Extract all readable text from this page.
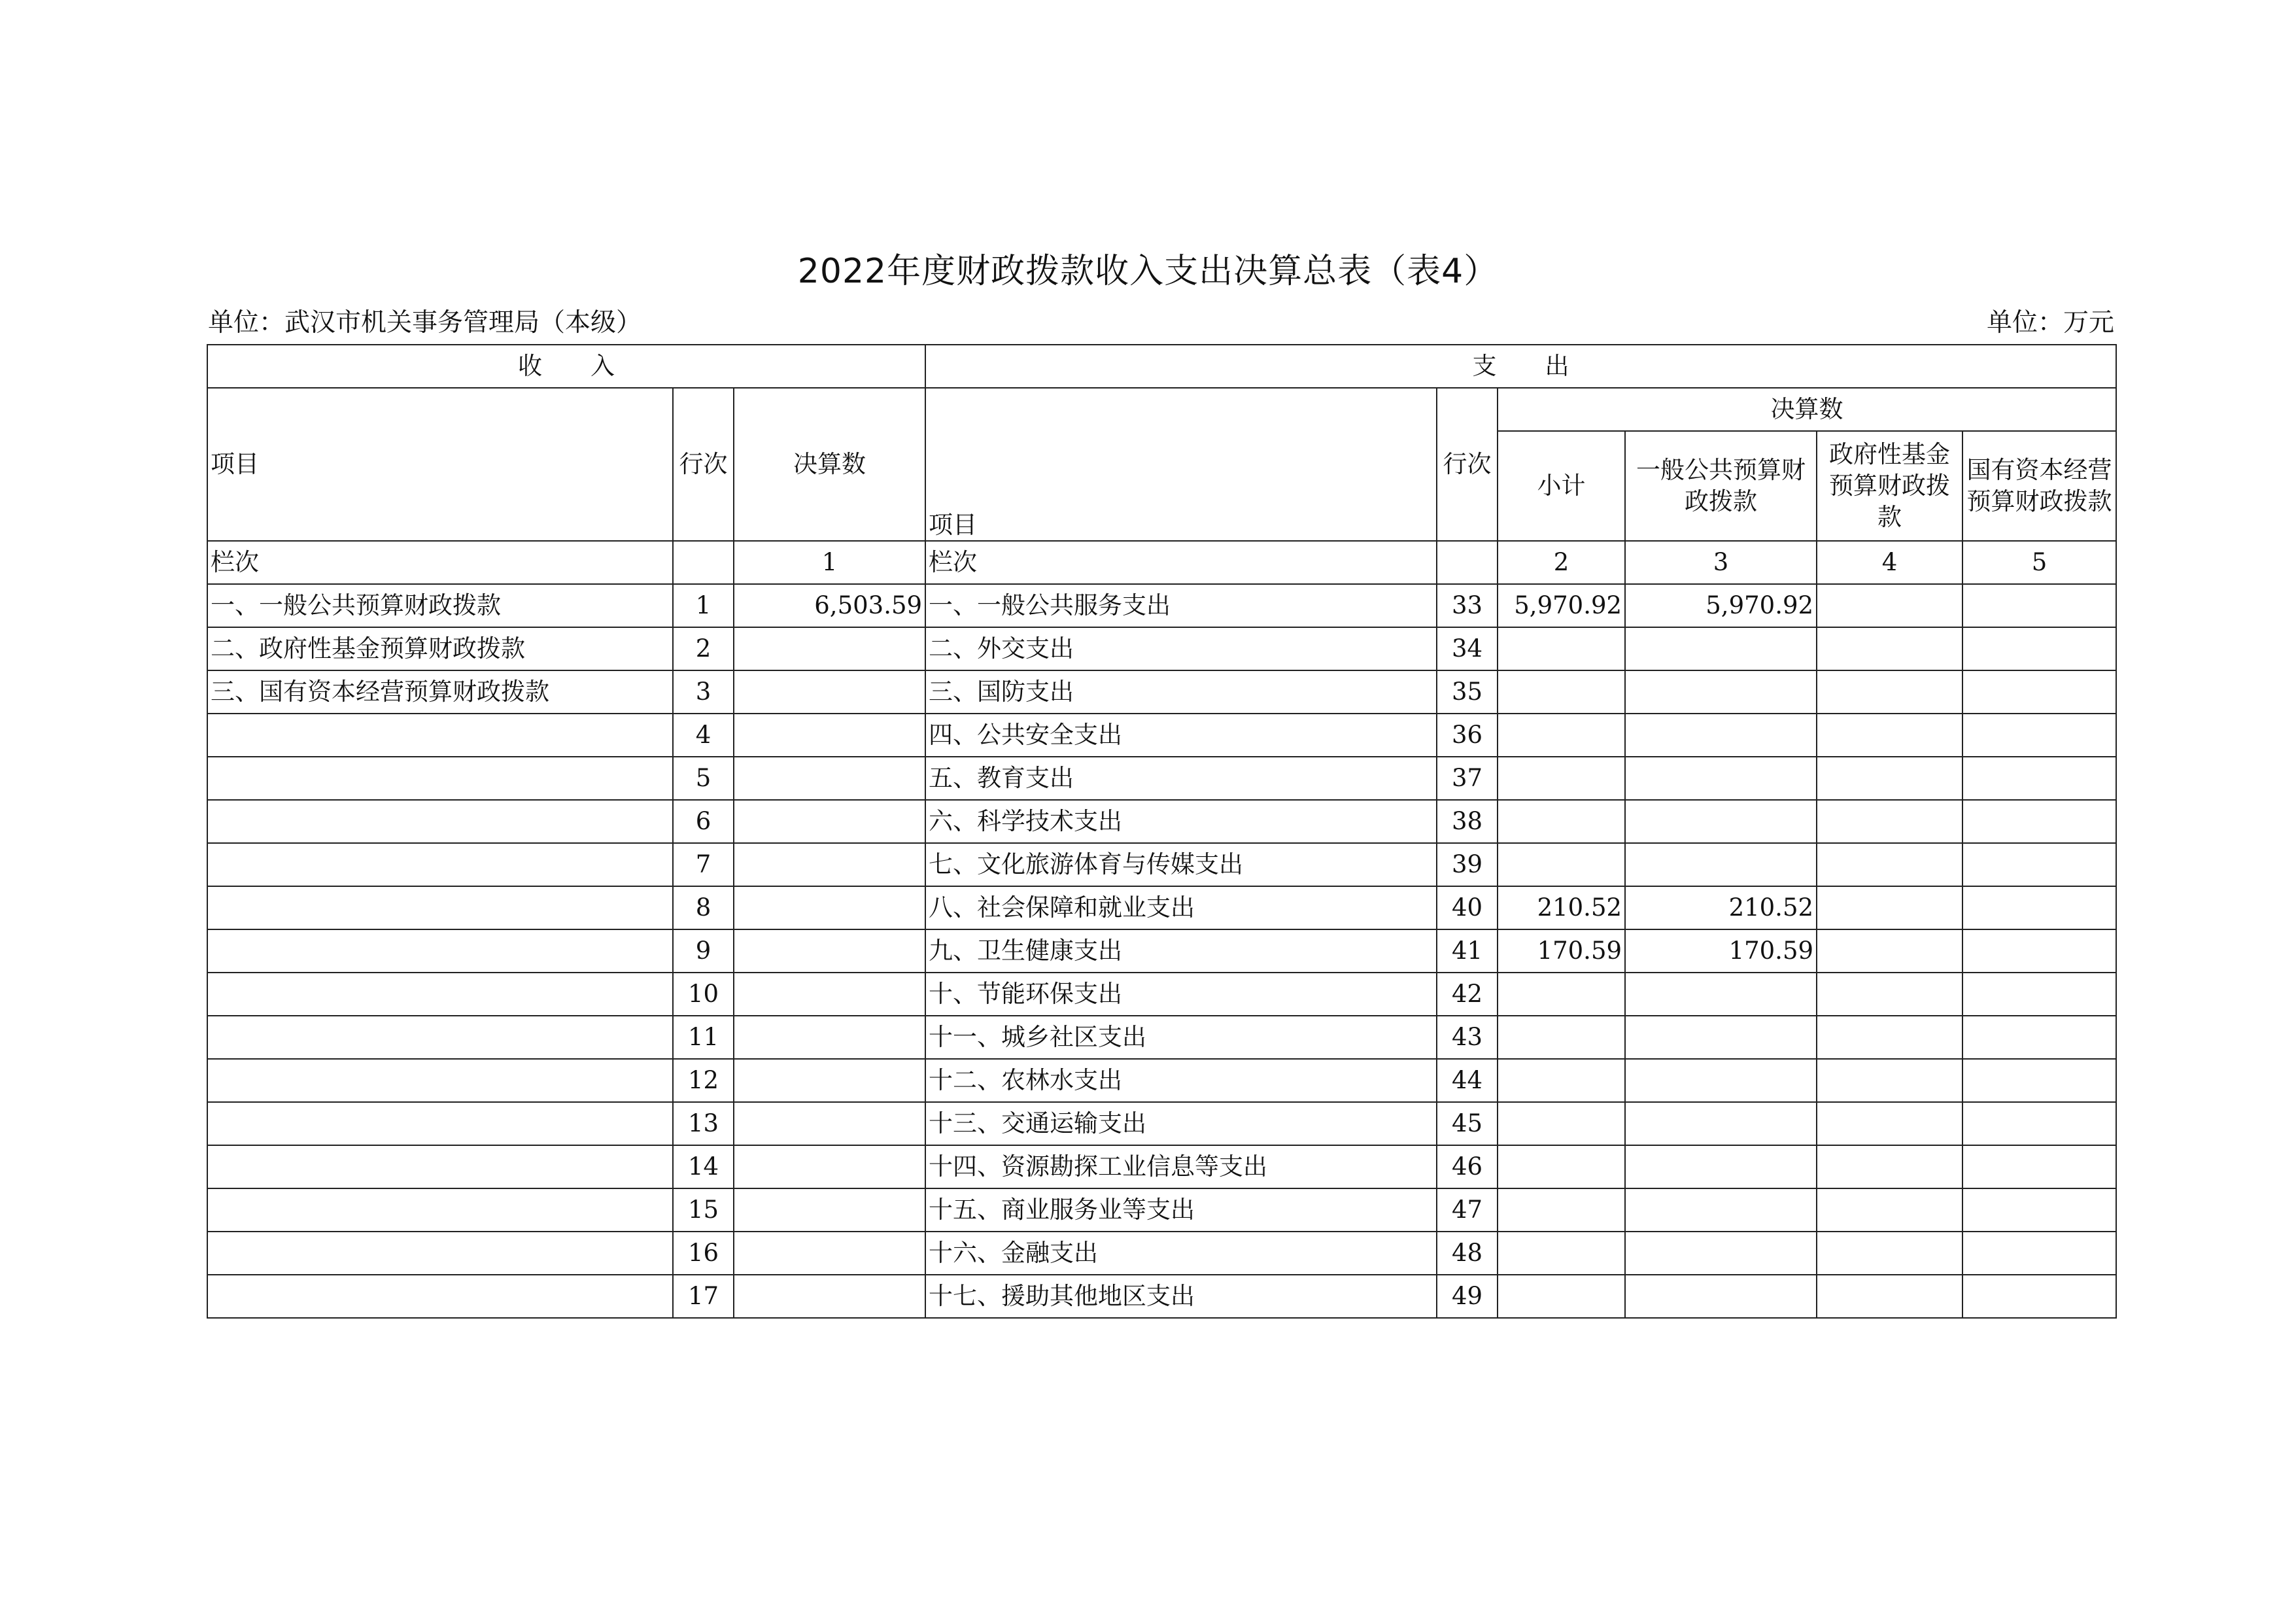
2022年度财政拨款收入支出决算总表（表4）
单位：武汉市机关事务管理局（本级）	单位：万元
收　　入			支　　出					
项目	行次	决算数	项目	行次	决算数			
					小计	一般公共预算财政拨款	政府性基金预算财政拨款	国有资本经营预算财政拨款
栏次		1	栏次		2	3	4	5
一、一般公共预算财政拨款	1	6,503.59	一、一般公共服务支出	33	5,970.92	5,970.92		
二、政府性基金预算财政拨款	2		二、外交支出	34				
三、国有资本经营预算财政拨款	3		三、国防支出	35				
	4		四、公共安全支出	36				
	5		五、教育支出	37				
	6		六、科学技术支出	38				
	7		七、文化旅游体育与传媒支出	39				
	8		八、社会保障和就业支出	40	210.52	210.52		
	9		九、卫生健康支出	41	170.59	170.59		
	10		十、节能环保支出	42				
	11		十一、城乡社区支出	43				
	12		十二、农林水支出	44				
	13		十三、交通运输支出	45				
	14		十四、资源勘探工业信息等支出	46				
	15		十五、商业服务业等支出	47				
	16		十六、金融支出	48				
	17		十七、援助其他地区支出	49				
